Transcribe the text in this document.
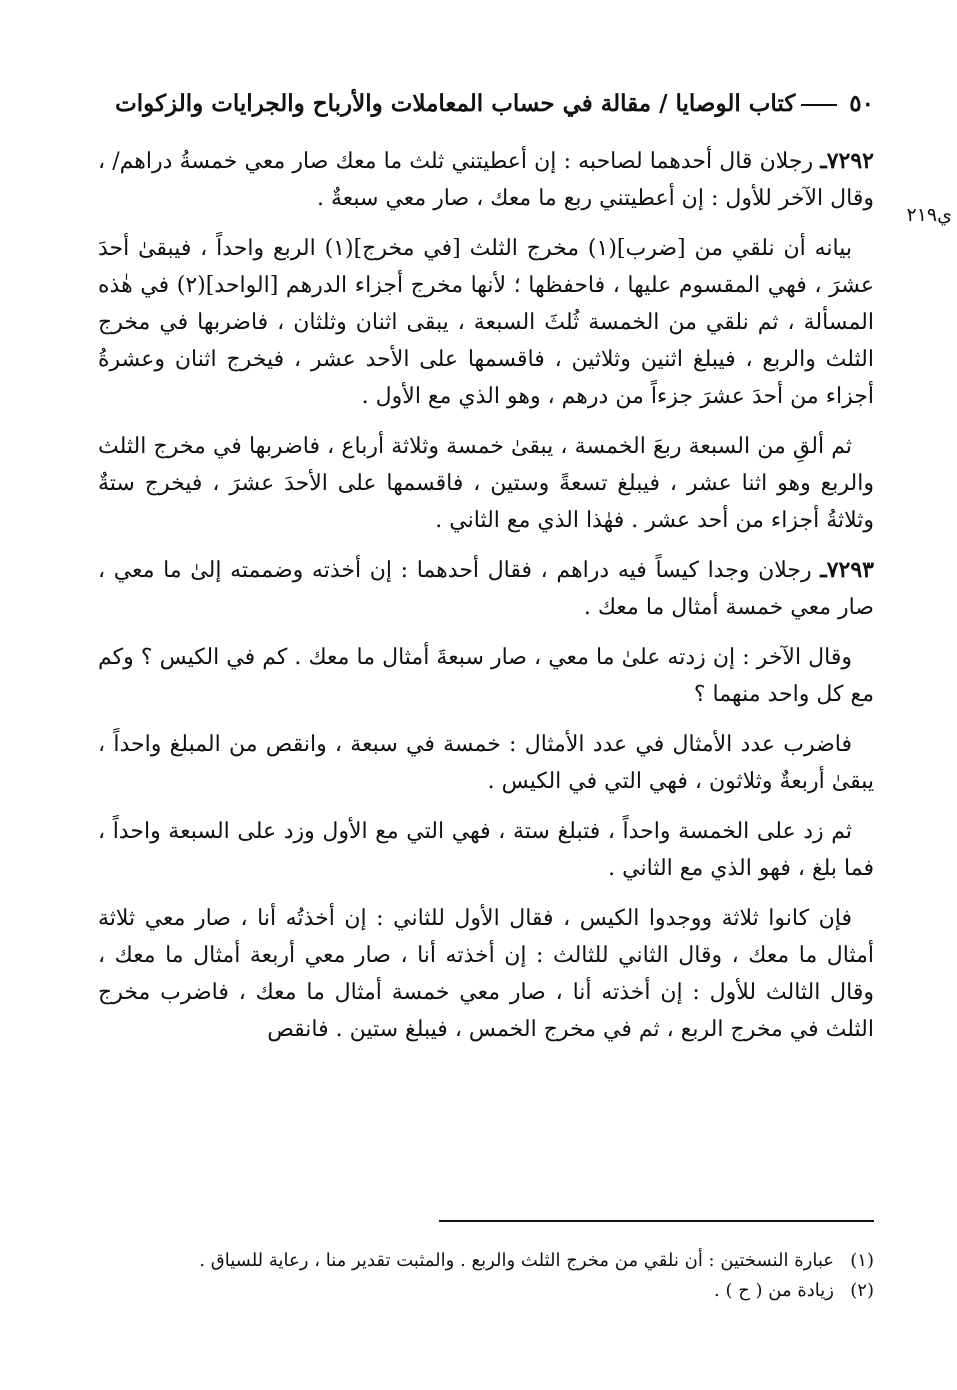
٥٠كتاب الوصايا / مقالة في حساب المعاملات والأرباح والجرايات والزكوات
ي٢١٩

٧٢٩٢ـ رجلان قال أحدهما لصاحبه : إن أعطيتني ثلث ما معك صار معي خمسةُ دراهم/ ، وقال الآخر للأول : إن أعطيتني ربع ما معك ، صار معي سبعةٌ .

بيانه أن نلقي من [ضرب](١) مخرج الثلث [في مخرج](١) الربع واحداً ، فيبقىٰ أحدَ عشرَ ، فهي المقسوم عليها ، فاحفظها ؛ لأنها مخرج أجزاء الدرهم [الواحد](٢) في هٰذه المسألة ، ثم نلقي من الخمسة ثُلثَ السبعة ، يبقى اثنان وثلثان ، فاضربها في مخرج الثلث والربع ، فيبلغ اثنين وثلاثين ، فاقسمها على الأحد عشر ، فيخرج اثنان وعشرةُ أجزاء من أحدَ عشرَ جزءاً من درهم ، وهو الذي مع الأول .

ثم ألقِ من السبعة ربعَ الخمسة ، يبقىٰ خمسة وثلاثة أرباع ، فاضربها في مخرج الثلث والربع وهو اثنا عشر ، فيبلغ تسعةً وستين ، فاقسمها على الأحدَ عشرَ ، فيخرج ستةٌ وثلاثةُ أجزاء من أحد عشر . فهٰذا الذي مع الثاني .

٧٢٩٣ـ رجلان وجدا كيساً فيه دراهم ، فقال أحدهما : إن أخذته وضممته إلىٰ ما معي ، صار معي خمسة أمثال ما معك .

وقال الآخر : إن زدته علىٰ ما معي ، صار سبعةَ أمثال ما معك . كم في الكيس ؟ وكم مع كل واحد منهما ؟

فاضرب عدد الأمثال في عدد الأمثال : خمسة في سبعة ، وانقص من المبلغ واحداً ، يبقىٰ أربعةٌ وثلاثون ، فهي التي في الكيس .

ثم زد على الخمسة واحداً ، فتبلغ ستة ، فهي التي مع الأول وزد على السبعة واحداً ، فما بلغ ، فهو الذي مع الثاني .

فإن كانوا ثلاثة ووجدوا الكيس ، فقال الأول للثاني : إن أخذتُه أنا ، صار معي ثلاثة أمثال ما معك ، وقال الثاني للثالث : إن أخذته أنا ، صار معي أربعة أمثال ما معك ، وقال الثالث للأول : إن أخذته أنا ، صار معي خمسة أمثال ما معك ، فاضرب مخرج الثلث في مخرج الربع ، ثم في مخرج الخمس ، فيبلغ ستين . فانقص

(١)عبارة النسختين : أن نلقي من مخرج الثلث والربع . والمثبت تقدير منا ، رعاية للسياق .

(٢)زيادة من ( ح ) .
